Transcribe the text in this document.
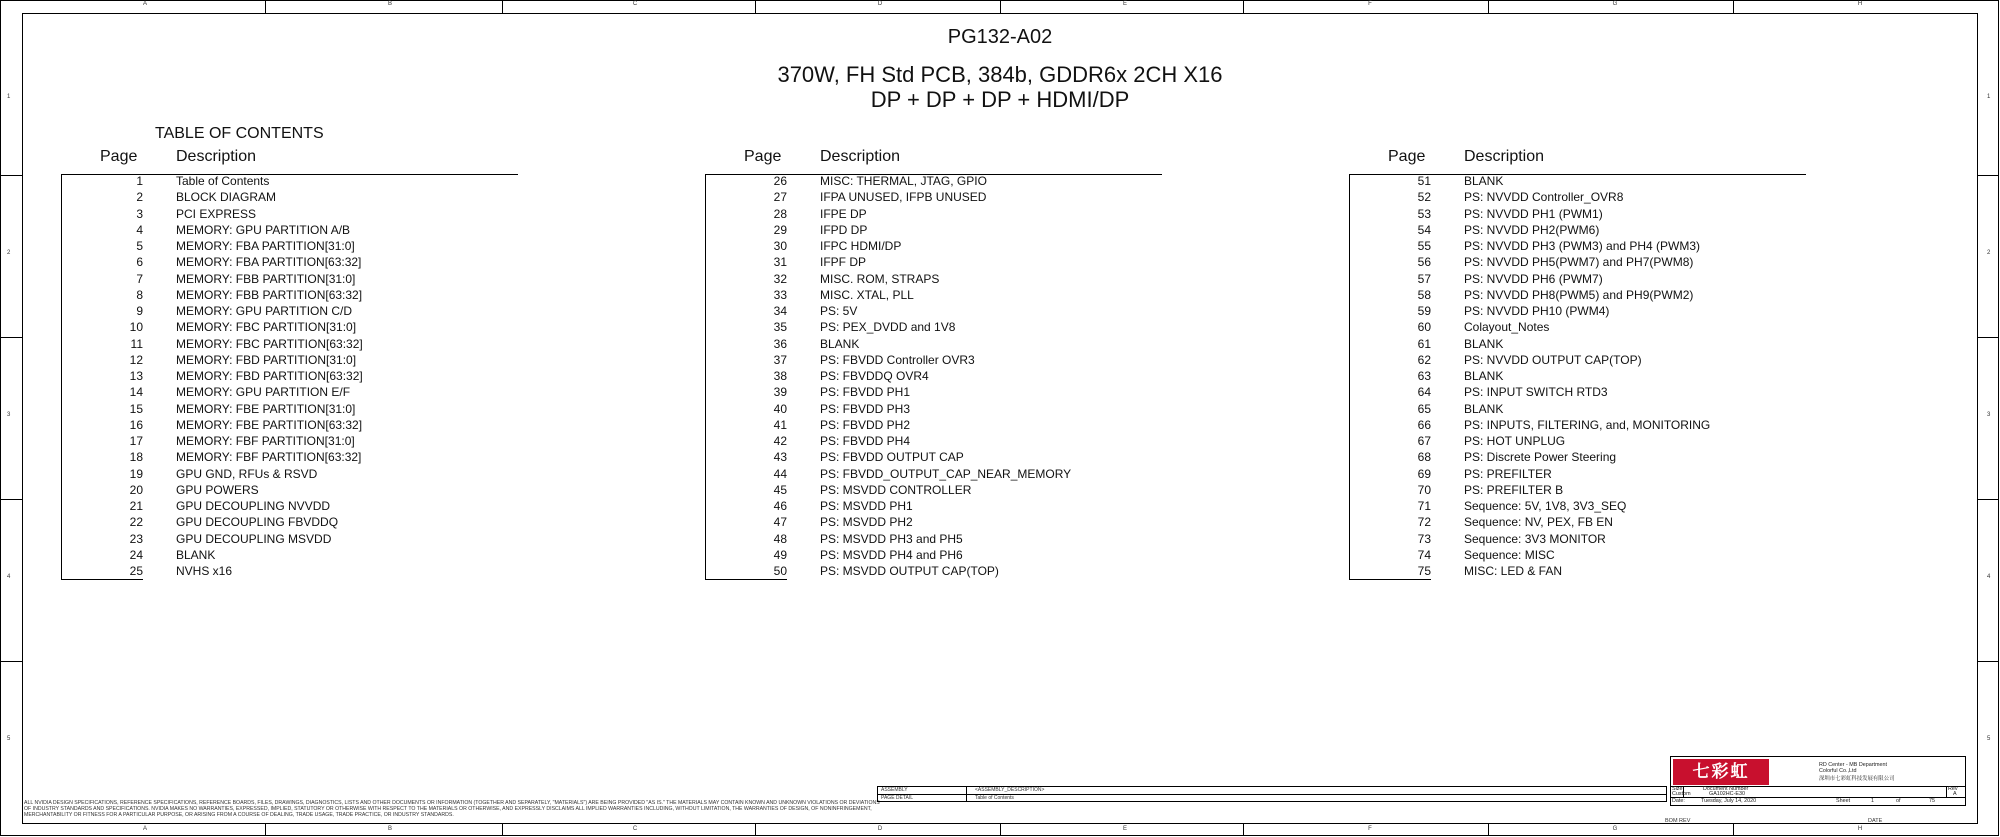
A	B	C	D	E	F	G	H
A	B	C	D	E	F	G	H
1
2
3
4
5
1
2
3
4
5
PG132-A02
370W, FH Std PCB, 384b, GDDR6x 2CH X16
DP + DP + DP + HDMI/DP
TABLE OF CONTENTS
Page Description	Page Description	Page Description
1	Table of Contents
2	BLOCK DIAGRAM
3	PCI EXPRESS
4	MEMORY: GPU PARTITION A/B
5	MEMORY: FBA PARTITION[31:0]
6	MEMORY: FBA PARTITION[63:32]
7	MEMORY: FBB PARTITION[31:0]
8	MEMORY: FBB PARTITION[63:32]
9	MEMORY: GPU PARTITION C/D
10	MEMORY: FBC PARTITION[31:0]
11	MEMORY: FBC PARTITION[63:32]
12	MEMORY: FBD PARTITION[31:0]
13	MEMORY: FBD PARTITION[63:32]
14	MEMORY: GPU PARTITION E/F
15	MEMORY: FBE PARTITION[31:0]
16	MEMORY: FBE PARTITION[63:32]
17	MEMORY: FBF PARTITION[31:0]
18	MEMORY: FBF PARTITION[63:32]
19	GPU GND, RFUs & RSVD
20	GPU POWERS
21	GPU DECOUPLING NVVDD
22	GPU DECOUPLING FBVDDQ
23	GPU DECOUPLING MSVDD
24	BLANK
25	NVHS x16
26	MISC: THERMAL, JTAG, GPIO
27	IFPA UNUSED, IFPB UNUSED
28	IFPE DP
29	IFPD DP
30	IFPC HDMI/DP
31	IFPF DP
32	MISC. ROM, STRAPS
33	MISC. XTAL, PLL
34	PS: 5V
35	PS: PEX_DVDD and 1V8
36	BLANK
37	PS: FBVDD Controller OVR3
38	PS: FBVDDQ OVR4
39	PS: FBVDD PH1
40	PS: FBVDD PH3
41	PS: FBVDD PH2
42	PS: FBVDD PH4
43	PS: FBVDD OUTPUT CAP
44	PS: FBVDD_OUTPUT_CAP_NEAR_MEMORY
45	PS: MSVDD CONTROLLER
46	PS: MSVDD PH1
47	PS: MSVDD PH2
48	PS: MSVDD PH3 and PH5
49	PS: MSVDD PH4 and PH6
50	PS: MSVDD OUTPUT CAP(TOP)
51	BLANK
52	PS: NVVDD Controller_OVR8
53	PS: NVVDD PH1 (PWM1)
54	PS: NVVDD PH2(PWM6)
55	PS: NVVDD PH3 (PWM3) and PH4 (PWM3)
56	PS: NVVDD PH5(PWM7) and PH7(PWM8)
57	PS: NVVDD PH6 (PWM7)
58	PS: NVVDD PH8(PWM5) and PH9(PWM2)
59	PS: NVVDD PH10 (PWM4)
60	Colayout_Notes
61	BLANK
62	PS: NVVDD OUTPUT CAP(TOP)
63	BLANK
64	PS: INPUT SWITCH RTD3
65	BLANK
66	PS: INPUTS, FILTERING, and, MONITORING
67	PS: HOT UNPLUG
68	PS: Discrete Power Steering
69	PS: PREFILTER
70	PS: PREFILTER B
71	Sequence: 5V, 1V8, 3V3_SEQ
72	Sequence: NV, PEX, FB EN
73	Sequence: 3V3 MONITOR
74	Sequence: MISC
75	MISC: LED & FAN
ALL NVIDIA DESIGN SPECIFICATIONS, REFERENCE SPECIFICATIONS, REFERENCE BOARDS, FILES, DRAWINGS, DIAGNOSTICS, LISTS AND OTHER DOCUMENTS OR INFORMATION (TOGETHER AND SEPARATELY, "MATERIALS") ARE BEING PROVIDED "AS IS." THE MATERIALS MAY CONTAIN KNOWN AND UNKNOWN VIOLATIONS OR DEVIATIONS OF INDUSTRY STANDARDS AND SPECIFICATIONS. NVIDIA MAKES NO WARRANTIES, EXPRESSED, IMPLIED, STATUTORY OR OTHERWISE WITH RESPECT TO THE MATERIALS OR OTHERWISE, AND EXPRESSLY DISCLAIMS ALL IMPLIED WARRANTIES INCLUDING, WITHOUT LIMITATION, THE WARRANTIES OF DESIGN, OF NONINFRINGEMENT, MERCHANTABILITY OR FITNESS FOR A PARTICULAR PURPOSE, OR ARISING FROM A COURSE OF DEALING, TRADE USAGE, TRADE PRACTICE, OR INDUSTRY STANDARDS.
ASSEMBLY	<ASSEMBLY_DESCRIPTION>
PAGE DETAIL	Table of Contents
BOM REV	DATE
七彩虹	RD Center - MB Department
Colorful Co.,Ltd
深圳市七彩虹科技发展有限公司
Size
Custom
Document Number
GA102HC-E30
Rev
A
Date:	Tuesday, July 14, 2020	Sheet	1	of	75
